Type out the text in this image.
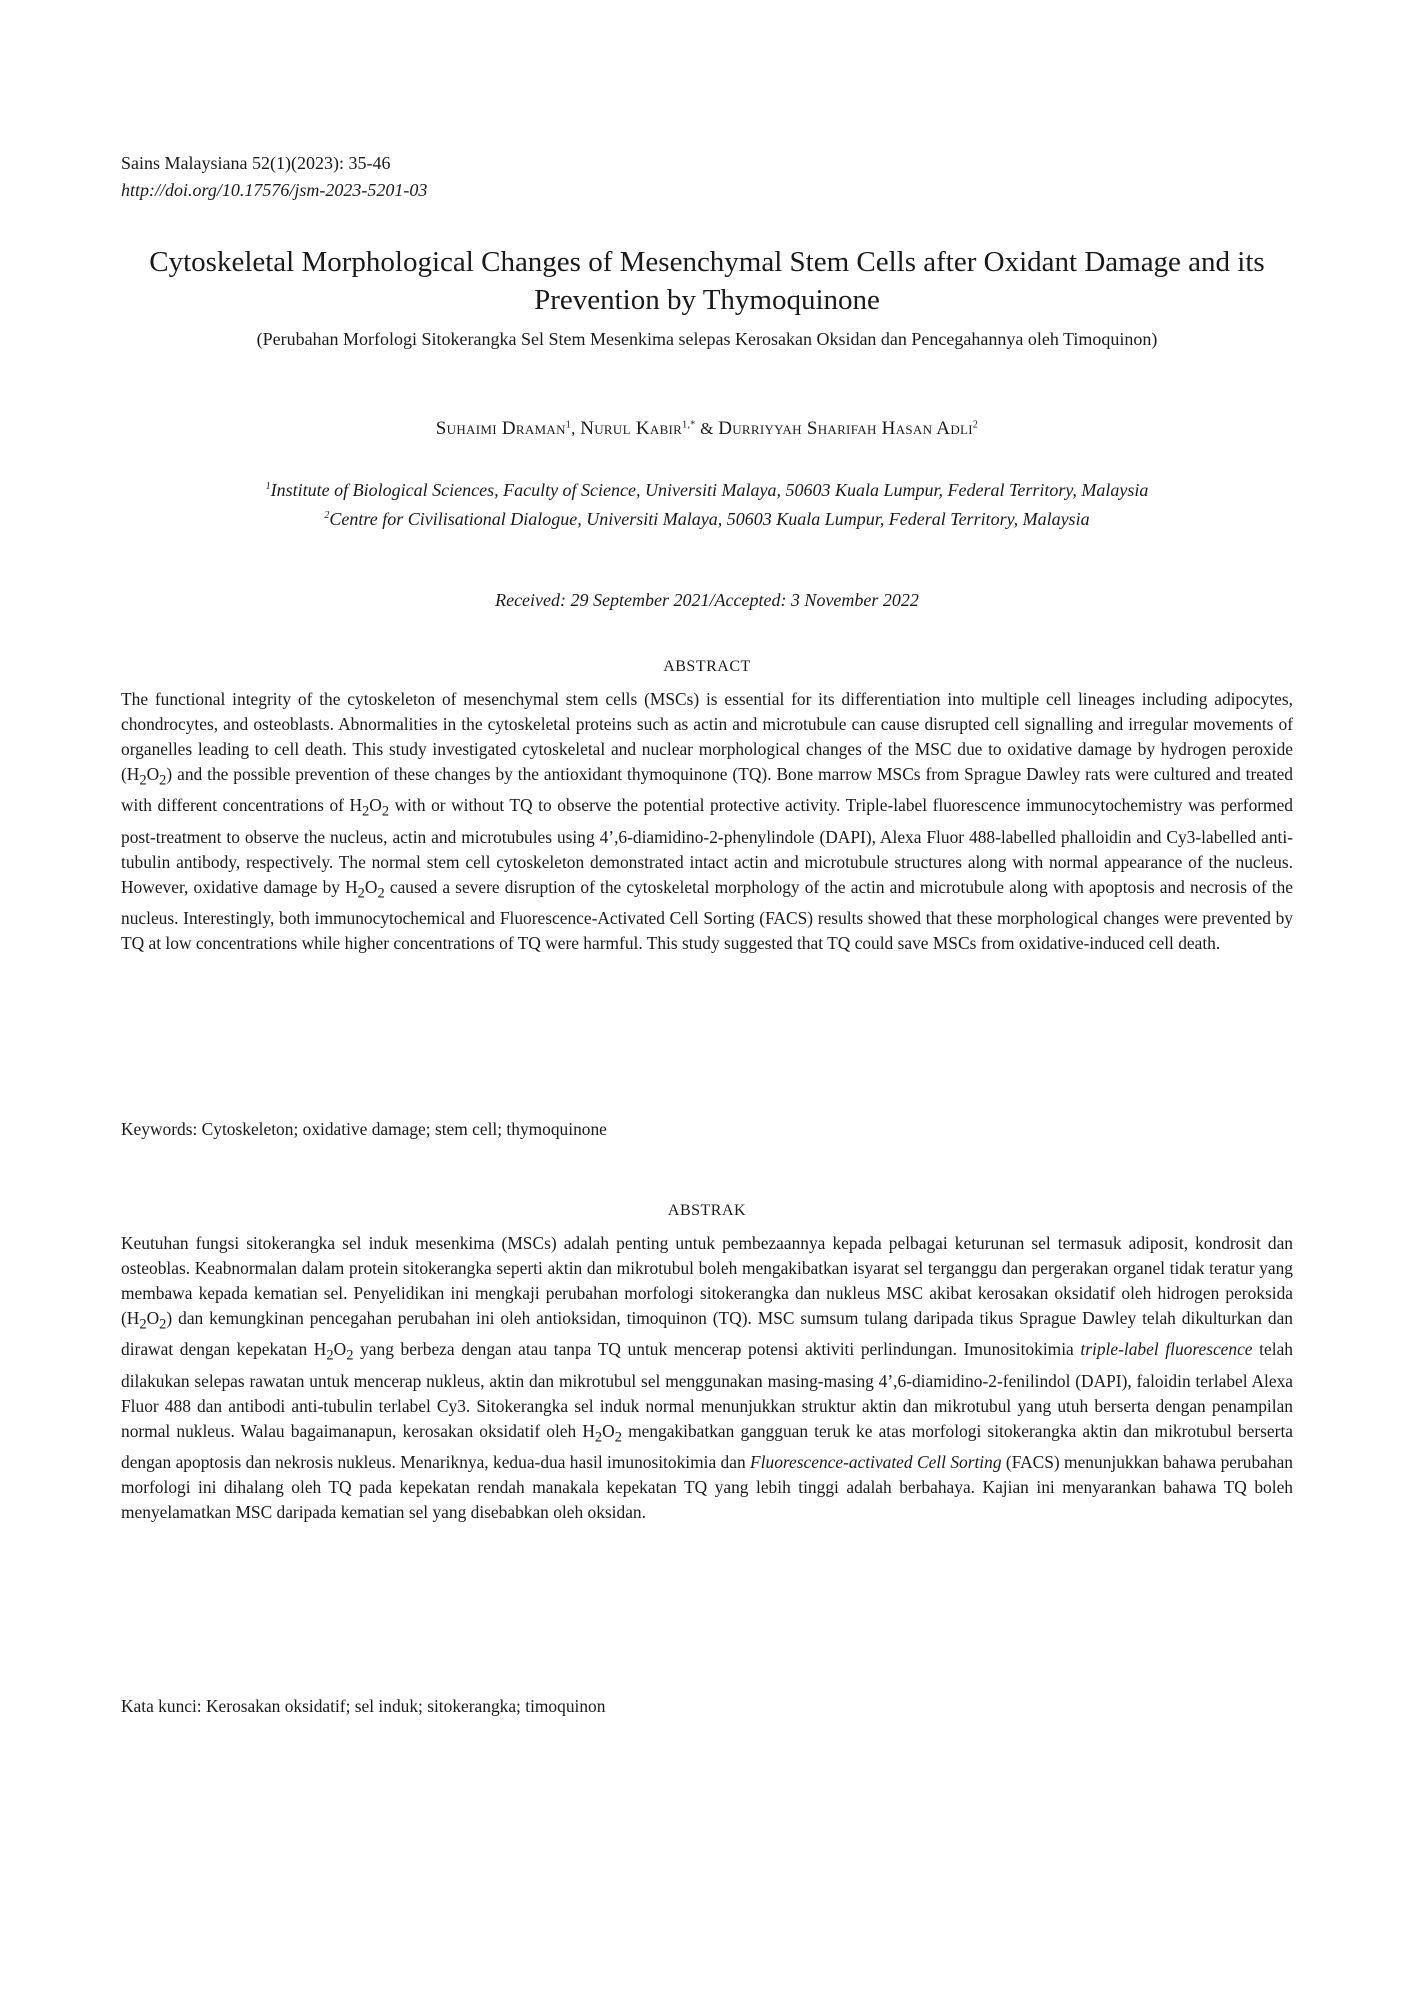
Sains Malaysiana 52(1)(2023): 35-46
http://doi.org/10.17576/jsm-2023-5201-03
Cytoskeletal Morphological Changes of Mesenchymal Stem Cells after Oxidant Damage and its Prevention by Thymoquinone
(Perubahan Morfologi Sitokerangka Sel Stem Mesenkima selepas Kerosakan Oksidan dan Pencegahannya oleh Timoquinon)
Suhaimi Draman$^1$, Nurul Kabir$^{1,*}$ & Durriyyah Sharifah Hasan Adli$^2$
$^1$Institute of Biological Sciences, Faculty of Science, Universiti Malaya, 50603 Kuala Lumpur, Federal Territory, Malaysia
$^2$Centre for Civilisational Dialogue, Universiti Malaya, 50603 Kuala Lumpur, Federal Territory, Malaysia
Received: 29 September 2021/Accepted: 3 November 2022
ABSTRACT

The functional integrity of the cytoskeleton of mesenchymal stem cells (MSCs) is essential for its differentiation into multiple cell lineages including adipocytes, chondrocytes, and osteoblasts. Abnormalities in the cytoskeletal proteins such as actin and microtubule can cause disrupted cell signalling and irregular movements of organelles leading to cell death. This study investigated cytoskeletal and nuclear morphological changes of the MSC due to oxidative damage by hydrogen peroxide $(H_2O_2)$ and the possible prevention of these changes by the antioxidant thymoquinone (TQ). Bone marrow MSCs from Sprague Dawley rats were cultured and treated with different concentrations of $H_2O_2$ with or without TQ to observe the potential protective activity. Triple-label fluorescence immunocytochemistry was performed post-treatment to observe the nucleus, actin and microtubules using 4’,6-diamidino-2-phenylindole (DAPI), Alexa Fluor 488-labelled phalloidin and Cy3-labelled anti-tubulin antibody, respectively. The normal stem cell cytoskeleton demonstrated intact actin and microtubule structures along with normal appearance of the nucleus. However, oxidative damage by $H_2O_2$ caused a severe disruption of the cytoskeletal morphology of the actin and microtubule along with apoptosis and necrosis of the nucleus. Interestingly, both immunocytochemical and Fluorescence-Activated Cell Sorting (FACS) results showed that these morphological changes were prevented by TQ at low concentrations while higher concentrations of TQ were harmful. This study suggested that TQ could save MSCs from oxidative-induced cell death.

Keywords: Cytoskeleton; oxidative damage; stem cell; thymoquinone
ABSTRAK

Keutuhan fungsi sitokerangka sel induk mesenkima (MSCs) adalah penting untuk pembezaannya kepada pelbagai keturunan sel termasuk adiposit, kondrosit dan osteoblas. Keabnormalan dalam protein sitokerangka seperti aktin dan mikrotubul boleh mengakibatkan isyarat sel terganggu dan pergerakan organel tidak teratur yang membawa kepada kematian sel. Penyelidikan ini mengkaji perubahan morfologi sitokerangka dan nukleus MSC akibat kerosakan oksidatif oleh hidrogen peroksida $(H_2O_2)$ dan kemungkinan pencegahan perubahan ini oleh antioksidan, timoquinon (TQ). MSC sumsum tulang daripada tikus Sprague Dawley telah dikulturkan dan dirawat dengan kepekatan $H_2O_2$ yang berbeza dengan atau tanpa TQ untuk mencerap potensi aktiviti perlindungan. Imunositokimia triple-label fluorescence telah dilakukan selepas rawatan untuk mencerap nukleus, aktin dan mikrotubul sel menggunakan masing-masing 4’,6-diamidino-2-fenilindol (DAPI), faloidin terlabel Alexa Fluor 488 dan antibodi anti-tubulin terlabel Cy3. Sitokerangka sel induk normal menunjukkan struktur aktin dan mikrotubul yang utuh berserta dengan penampilan normal nukleus. Walau bagaimanapun, kerosakan oksidatif oleh $H_2O_2$ mengakibatkan gangguan teruk ke atas morfologi sitokerangka aktin dan mikrotubul berserta dengan apoptosis dan nekrosis nukleus. Menariknya, kedua-dua hasil imunositokimia dan Fluorescence-activated Cell Sorting (FACS) menunjukkan bahawa perubahan morfologi ini dihalang oleh TQ pada kepekatan rendah manakala kepekatan TQ yang lebih tinggi adalah berbahaya. Kajian ini menyarankan bahawa TQ boleh menyelamatkan MSC daripada kematian sel yang disebabkan oleh oksidan.

Kata kunci: Kerosakan oksidatif; sel induk; sitokerangka; timoquinon
